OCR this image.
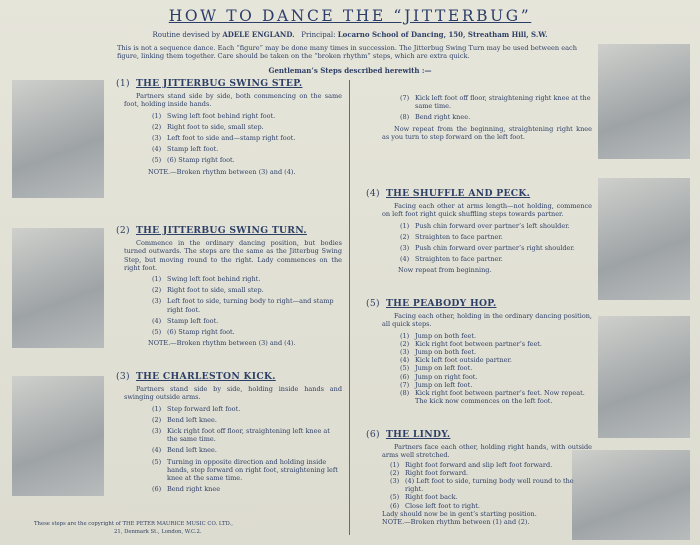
HOW TO DANCE THE “JITTERBUG”
Routine devised by ADELE ENGLAND. Principal: Locarno School of Dancing, 150, Streatham Hill, S.W.
This is not a sequence dance. Each “figure” may be done many times in succession. The Jitterbug Swing Turn may be used between each figure, linking them together. Care should be taken on the “broken rhythm” steps, which are extra quick.
Gentleman’s Steps described herewith :—
(1) THE JITTERBUG SWING STEP.
Partners stand side by side, both commencing on the same foot, holding inside hands.
(1) Swing left foot behind right foot.
(2) Right foot to side, small step.
(3) Left foot to side and—stamp right foot.
(4) Stamp left foot.
(5) (6) Stamp right foot.
NOTE.—Broken rhythm between (3) and (4).
(2) THE JITTERBUG SWING TURN.
Commence in the ordinary dancing position, but bodies turned outwards. The steps are the same as the Jitterbug Swing Step, but moving round to the right. Lady commences on the right foot.
(1) Swing left foot behind right.
(2) Right foot to side, small step.
(3) Left foot to side, turning body to right—and stamp right foot.
(4) Stamp left foot.
(5) (6) Stamp right foot.
NOTE.—Broken rhythm between (3) and (4).
(3) THE CHARLESTON KICK.
Partners stand side by side, holding inside hands and swinging outside arms.
(1) Step forward left foot.
(2) Bend left knee.
(3) Kick right foot off floor, straightening left knee at the same time.
(4) Bend left knee.
(5) Turning in opposite direction and holding inside hands, step forward on right foot, straightening left knee at the same time.
(6) Bend right knee
These steps are the copyright of THE PETER MAURICE MUSIC CO. LTD.,
21, Denmark St., London, W.C.2.
(7) Kick left foot off floor, straightening right knee at the same time.
(8) Bend right knee.
Now repeat from the beginning, straightening right knee as you turn to step forward on the left foot.
(4) THE SHUFFLE AND PECK.
Facing each other at arms length—not holding, commence on left foot right quick shuffling steps towards partner.
(1) Push chin forward over partner’s left shoulder.
(2) Straighten to face partner.
(3) Push chin forward over partner’s right shoulder.
(4) Straighten to face partner.
Now repeat from beginning.
(5) THE PEABODY HOP.
Facing each other, holding in the ordinary dancing position, all quick steps.
(1) Jump on both feet.
(2) Kick right foot between partner’s feet.
(3) Jump on both feet.
(4) Kick left foot outside partner.
(5) Jump on left foot.
(6) Jump on right foot.
(7) Jump on left foot.
(8) Kick right foot between partner’s feet. Now repeat. The kick now commences on the left foot.
(6) THE LINDY.
Partners face each other, holding right hands, with outside arms well stretched.
(1) Right foot forward and slip left foot forward.
(2) Right foot forward.
(3) (4) Left foot to side, turning body well round to the right.
(5) Right foot back.
(6) Close left foot to right.
Lady should now be in gent’s starting position.
NOTE.—Broken rhythm between (1) and (2).
